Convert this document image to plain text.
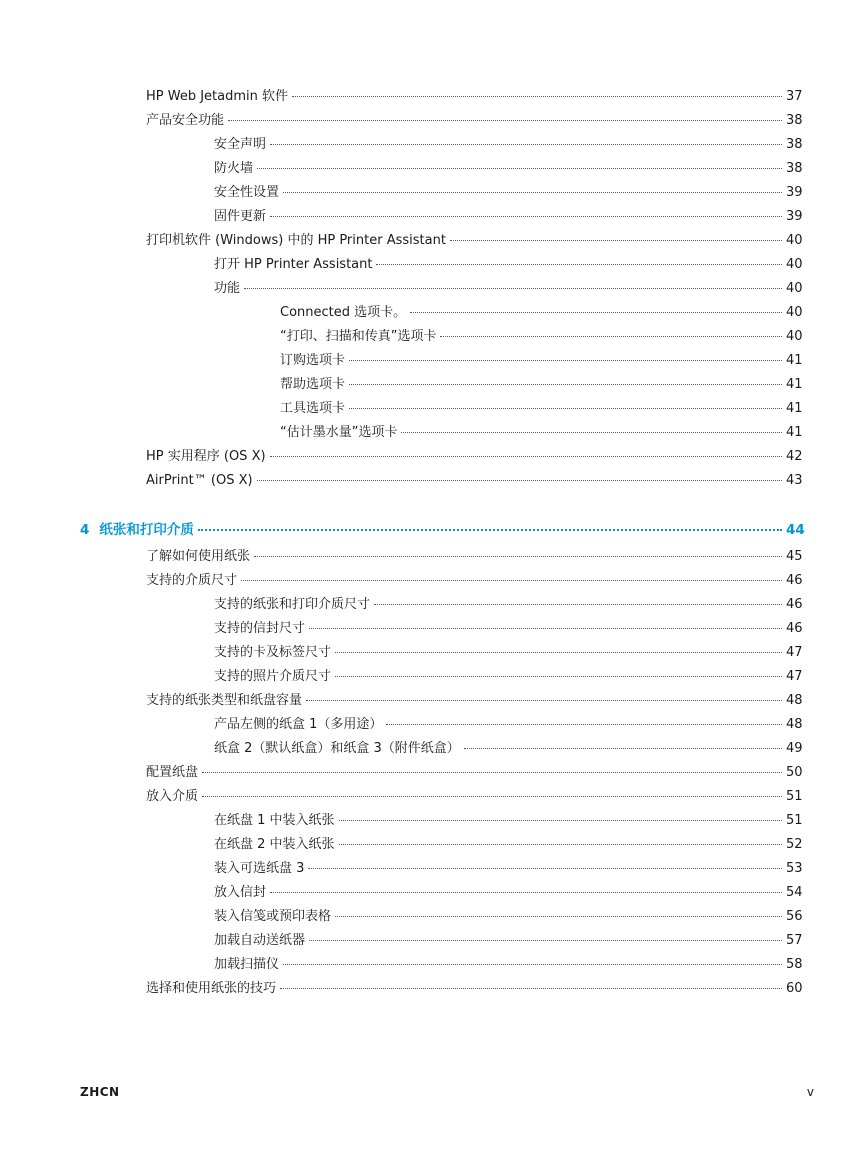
HP Web Jetadmin 软件	37
产品安全功能	38
安全声明	38
防火墙	38
安全性设置	39
固件更新	39
打印机软件 (Windows) 中的 HP Printer Assistant	40
打开 HP Printer Assistant	40
功能	40
Connected 选项卡。	40
“打印、扫描和传真”选项卡	40
订购选项卡	41
帮助选项卡	41
工具选项卡	41
“估计墨水量”选项卡	41
HP 实用程序 (OS X)	42
AirPrint™ (OS X)	43
4 纸张和打印介质	44
了解如何使用纸张	45
支持的介质尺寸	46
支持的纸张和打印介质尺寸	46
支持的信封尺寸	46
支持的卡及标签尺寸	47
支持的照片介质尺寸	47
支持的纸张类型和纸盘容量	48
产品左侧的纸盒 1（多用途）	48
纸盒 2（默认纸盒）和纸盒 3（附件纸盒）	49
配置纸盘	50
放入介质	51
在纸盘 1 中装入纸张	51
在纸盘 2 中装入纸张	52
装入可选纸盘 3	53
放入信封	54
装入信笺或预印表格	56
加载自动送纸器	57
加载扫描仪	58
选择和使用纸张的技巧	60
ZHCN	v
